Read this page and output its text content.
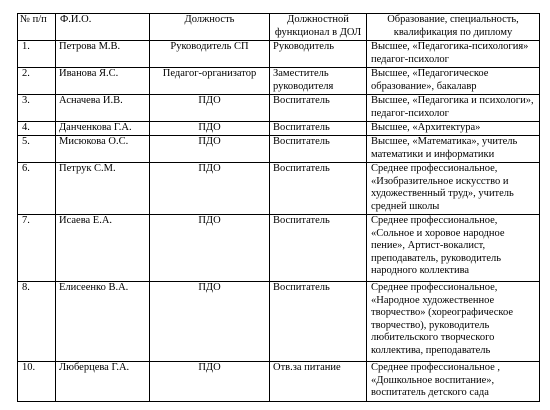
№ п/п	Ф.И.О.	Должность	Должностной функционал в ДОЛ	Образование, специальность, квалификация по диплому
1.	Петрова М.В.	Руководитель СП	Руководитель	Высшее, «Педагогика-психология» педагог-психолог
2.	Иванова Я.С.	Педагог-организатор	Заместитель руководителя	Высшее, «Педагогическое образование», бакалавр
3.	Асначева И.В.	ПДО	Воспитатель	Высшее, «Педагогика и психологи», педагог-психолог
4.	Данченкова Г.А.	ПДО	Воспитатель	Высшее, «Архитектура»
5.	Мисюкова О.С.	ПДО	Воспитатель	Высшее, «Математика», учитель математики и информатики
6.	Петрук С.М.	ПДО	Воспитатель	Среднее профессиональное, «Изобразительное искусство и художественный труд», учитель средней школы
7.	Исаева Е.А.	ПДО	Воспитатель	Среднее профессиональное, «Сольное и хоровое народное пение», Артист-вокалист, преподаватель, руководитель народного коллектива
8.	Елисеенко В.А.	ПДО	Воспитатель	Среднее профессиональное, «Народное художественное творчество» (хореографическое творчество), руководитель любительского творческого коллектива, преподаватель
10.	Люберцева Г.А.	ПДО	Отв.за питание	Среднее профессиональное , «Дошкольное воспитание», воспитатель детского сада
